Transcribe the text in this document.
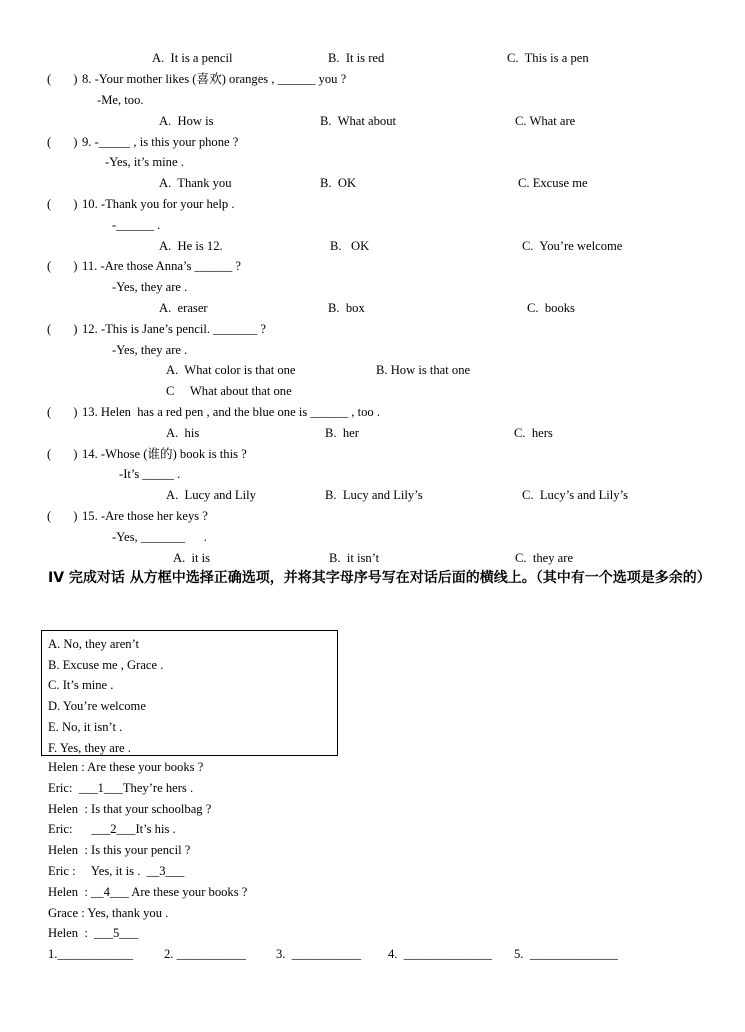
A.  It is a pencil	B.  It is red	C.  This is a pen
(       ) 8. -Your mother likes (喜欢) oranges , ______ you ?
-Me, too.
A.  How is	B.  What about	C. What are
(       ) 9. -_____ , is this your phone ?
-Yes, it’s mine .
A.  Thank you	B.  OK	C. Excuse me
(       ) 10. -Thank you for your help .
-______ .
A.  He is 12.	B.   OK	C.  You’re welcome
(       ) 11. -Are those Anna’s ______ ?
-Yes, they are .
A.  eraser	B.  box	C.  books
(       ) 12. -This is Jane’s pencil. _______ ?
-Yes, they are .
A.  What color is that one	B. How is that one
C     What about that one
(       ) 13. Helen  has a red pen , and the blue one is ______ , too .
A.  his	B.  her	C.  hers
(       ) 14. -Whose (谁的) book is this ?
-It’s _____ .
A.  Lucy and Lily	B.  Lucy and Lily’s	C.  Lucy’s and Lily’s
(       ) 15. -Are those her keys ?
-Yes, _______      .
A.  it is	B.  it isn’t	C.  they are
IV 完成对话 从方框中选择正确选项，并将其字母序号写在对话后面的横线上。（其中有一个选项是多余的）
A. No, they aren’t
B. Excuse me , Grace .
C. It’s mine .
D. You’re welcome
E. No, it isn’t .
F. Yes, they are .
Helen : Are these your books ?
Eric:  ___1___They’re hers .
Helen  : Is that your schoolbag ?
Eric:      ___2___It’s his .
Helen  : Is this your pencil ?
Eric :     Yes, it is .  __3___
Helen  : __4___ Are these your books ?
Grace : Yes, thank you .
Helen  :  ___5___
1.____________ 2. ___________ 3.  ___________ 4.  ______________ 5.  ______________
